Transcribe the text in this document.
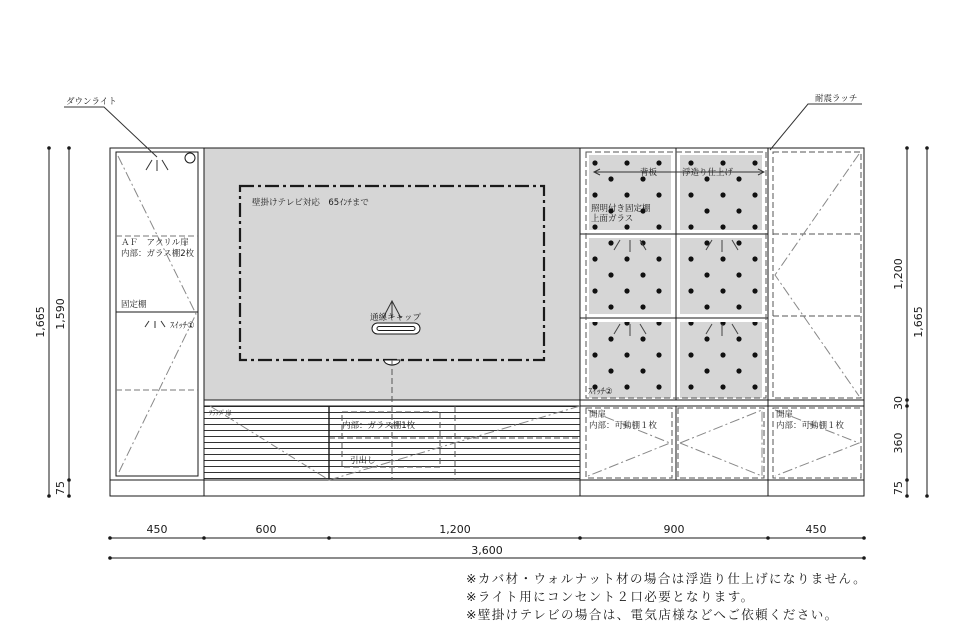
ダウンライト	耐震ラッチ
ＡＦ　アクリル扉
内部：ガラス棚2枚
固定棚
ｽｲｯﾁ①
壁掛けテレビ対応　65ｲﾝﾁまで
通線キャップ
ﾌﾗｯﾌﾟ扉
内部：ガラス棚1枚
引出し
背板	浮造り仕上げ
照明付き固定棚
上面ガラス
ｽｲｯﾁ②
開扉
内部：可動棚１枚
開扉
内部：可動棚１枚
1,665 1,590
75
1,200
1,665
30
360
75
450	600	1,200	900	450
3,600
※カバ材・ウォルナット材の場合は浮造り仕上げになりません。
※ライト用にコンセント２口必要となります。
※壁掛けテレビの場合は、電気店様などへご依頼ください。
